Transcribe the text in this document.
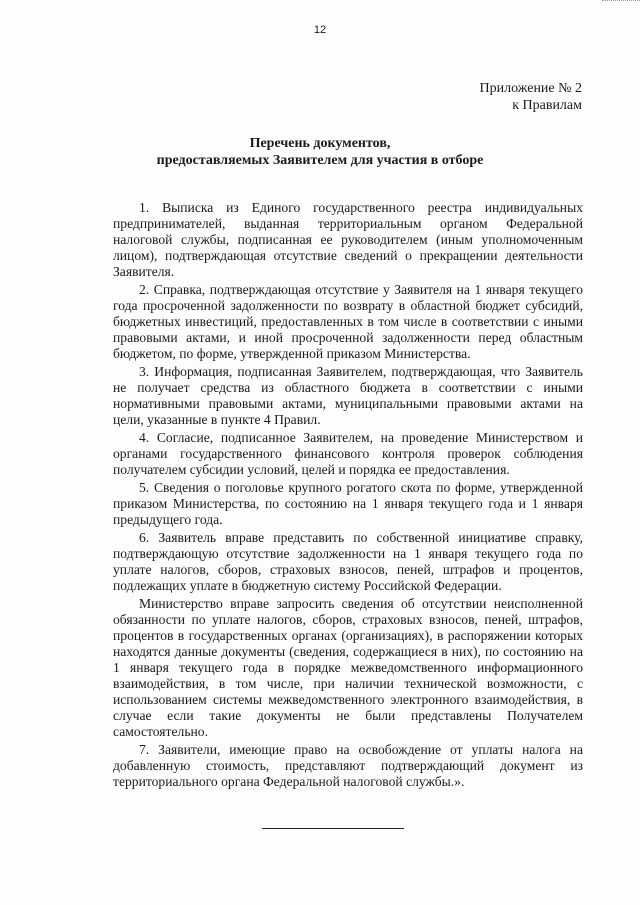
12
Приложение № 2
к Правилам
Перечень документов,
предоставляемых Заявителем для участия в отборе

1. Выписка из Единого государственного реестра индивидуальных предпринимателей, выданная территориальным органом Федеральной налоговой службы, подписанная ее руководителем (иным уполномоченным лицом), подтверждающая отсутствие сведений о прекращении деятельности Заявителя.

2. Справка, подтверждающая отсутствие у Заявителя на 1 января текущего года просроченной задолженности по возврату в областной бюджет субсидий, бюджетных инвестиций, предоставленных в том числе в соответствии с иными правовыми актами, и иной просроченной задолженности перед областным бюджетом, по форме, утвержденной приказом Министерства.

3. Информация, подписанная Заявителем, подтверждающая, что Заявитель не получает средства из областного бюджета в соответствии с иными нормативными правовыми актами, муниципальными правовыми актами на цели, указанные в пункте 4 Правил.

4. Согласие, подписанное Заявителем, на проведение Министерством и органами государственного финансового контроля проверок соблюдения получателем субсидии условий, целей и порядка ее предоставления.

5. Сведения о поголовье крупного рогатого скота по форме, утвержденной приказом Министерства, по состоянию на 1 января текущего года и 1 января предыдущего года.

6. Заявитель вправе представить по собственной инициативе справку, подтверждающую отсутствие задолженности на 1 января текущего года по уплате налогов, сборов, страховых взносов, пеней, штрафов и процентов, подлежащих уплате в бюджетную систему Российской Федерации.

Министерство вправе запросить сведения об отсутствии неисполненной обязанности по уплате налогов, сборов, страховых взносов, пеней, штрафов, процентов в государственных органах (организациях), в распоряжении которых находятся данные документы (сведения, содержащиеся в них), по состоянию на 1 января текущего года в порядке межведомственного информационного взаимодействия, в том числе, при наличии технической возможности, с использованием системы межведомственного электронного взаимодействия, в случае если такие документы не были представлены Получателем самостоятельно.

7. Заявители, имеющие право на освобождение от уплаты налога на добавленную стоимость, представляют подтверждающий документ из территориального органа Федеральной налоговой службы.».
